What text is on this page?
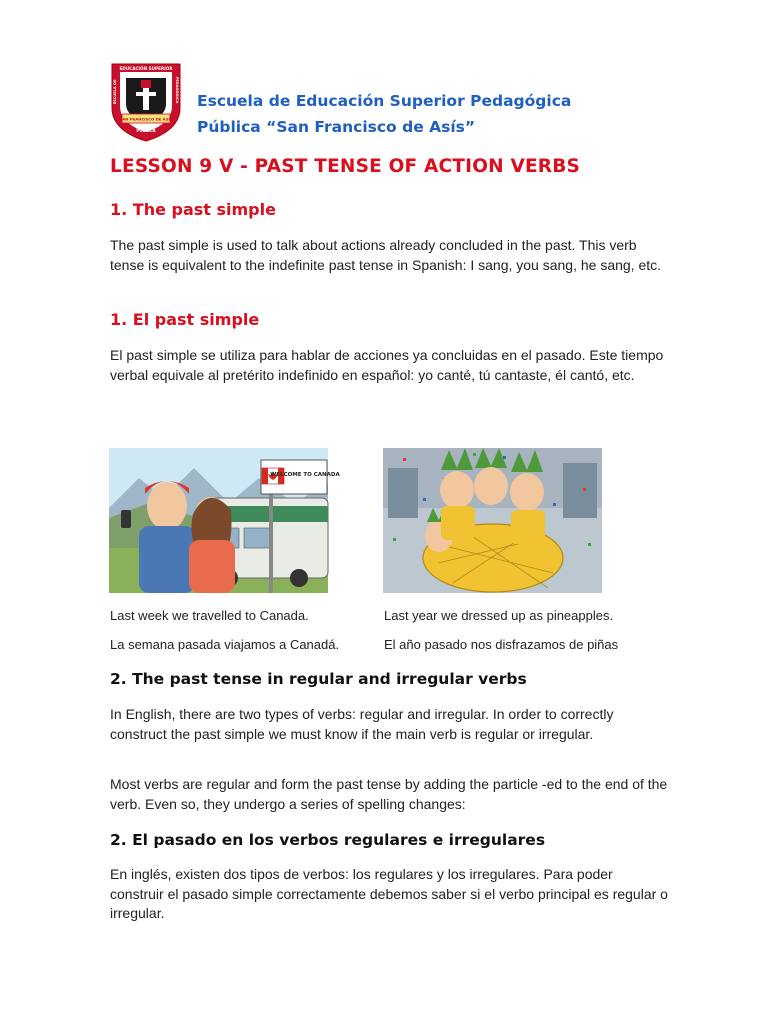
EDUCACIÓN SUPERIOR
ESCUELA DE	PEDAGÓGICA
“SAN FRANCISCO DE ASÍS”
PÚBLICA
Escuela de Educación Superior Pedagógica
Pública “San Francisco de Asís”
LESSON 9 V - PAST TENSE OF ACTION VERBS
1. The past simple

The past simple is used to talk about actions already concluded in the past. This verb tense is equivalent to the indefinite past tense in Spanish: I sang, you sang, he sang, etc.

1. El past simple

El past simple se utiliza para hablar de acciones ya concluidas en el pasado. Este tiempo verbal equivale al pretérito indefinido en español: yo canté, tú cantaste, él cantó, etc.

WELCOME TO CANADA

Last week we travelled to Canada.	Last year we dressed up as pineapples.

La semana pasada viajamos a Canadá.	El año pasado nos disfrazamos de piñas

2. The past tense in regular and irregular verbs

In English, there are two types of verbs: regular and irregular. In order to correctly construct the past simple we must know if the main verb is regular or irregular.

Most verbs are regular and form the past tense by adding the particle -ed to the end of the verb. Even so, they undergo a series of spelling changes:

2. El pasado en los verbos regulares e irregulares

En inglés, existen dos tipos de verbos: los regulares y los irregulares. Para poder construir el pasado simple correctamente debemos saber si el verbo principal es regular o irregular.
